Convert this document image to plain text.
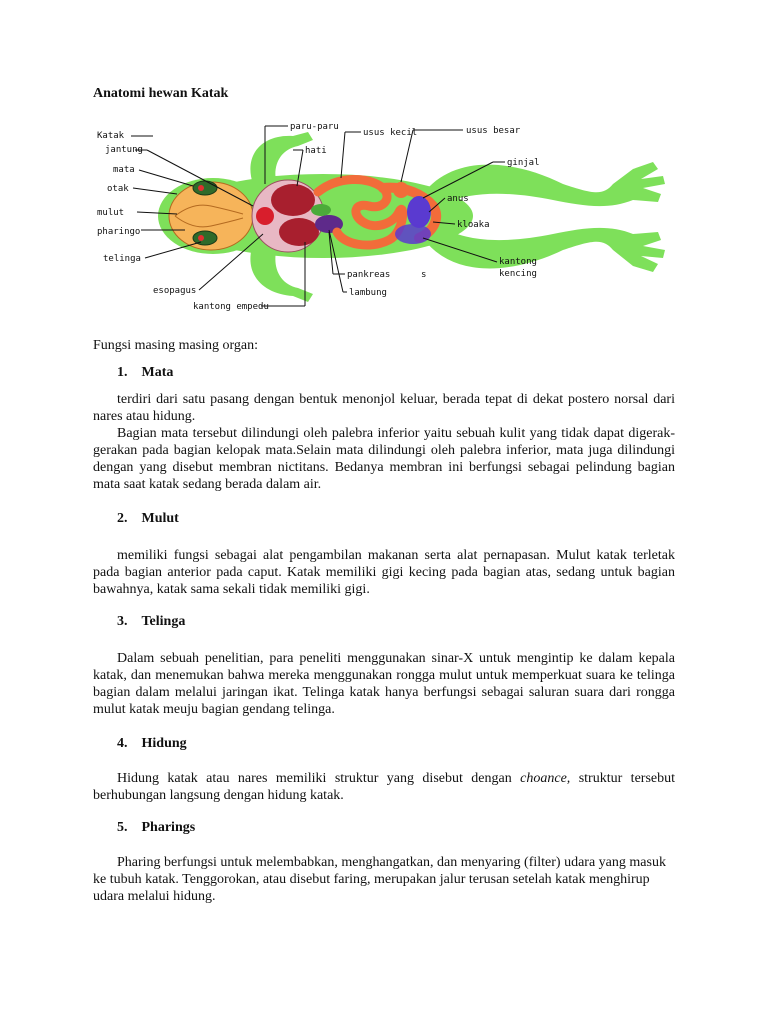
Anatomi hewan Katak
Katak
jantung
mata
otak
mulut
pharingo
telinga
esopagus
kantong empedu
paru-paru
hati
usus kecil	usus besar
ginjal
anus
kloaka
kantong
kencing
pankreas	s
lambung

Fungsi masing masing organ:

1. Mata

terdiri dari satu pasang dengan bentuk menonjol keluar, berada tepat di dekat postero norsal dari nares atau hidung.

Bagian mata tersebut dilindungi oleh palebra inferior yaitu sebuah kulit yang tidak dapat digerak-gerakan pada bagian kelopak mata.Selain mata dilindungi oleh palebra inferior, mata juga dilindungi dengan yang disebut membran nictitans. Bedanya membran ini berfungsi sebagai pelindung bagian mata saat katak sedang berada dalam air.

2. Mulut

memiliki fungsi sebagai alat pengambilan makanan serta alat pernapasan. Mulut katak terletak pada bagian anterior pada caput. Katak memiliki gigi kecing pada bagian atas, sedang untuk bagian bawahnya, katak sama sekali tidak memiliki gigi.

3. Telinga

Dalam sebuah penelitian, para peneliti menggunakan sinar-X untuk mengintip ke dalam kepala katak, dan menemukan bahwa mereka menggunakan rongga mulut untuk memperkuat suara ke telinga bagian dalam melalui jaringan ikat. Telinga katak hanya berfungsi sebagai saluran suara dari rongga mulut katak meuju bagian gendang telinga.

4. Hidung

Hidung katak atau nares memiliki struktur yang disebut dengan choance, struktur tersebut berhubungan langsung dengan hidung katak.

5. Pharings

Pharing berfungsi untuk melembabkan, menghangatkan, dan menyaring (filter) udara yang masuk ke tubuh katak. Tenggorokan, atau disebut faring, merupakan jalur terusan setelah katak menghirup udara melalui hidung.
